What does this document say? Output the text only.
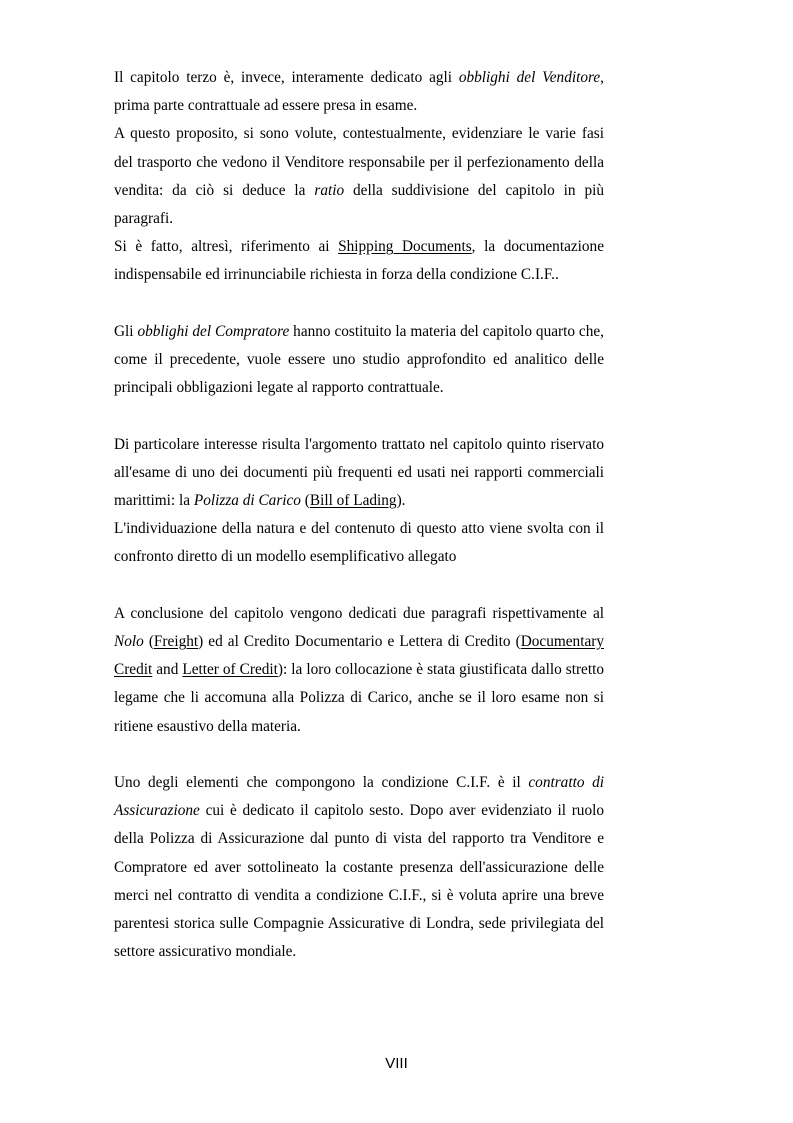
Il capitolo terzo è, invece, interamente dedicato agli obblighi del Venditore, prima parte contrattuale ad essere presa in esame.

A questo proposito, si sono volute, contestualmente, evidenziare le varie fasi del trasporto che vedono il Venditore responsabile per il perfezionamento della vendita: da ciò si deduce la ratio della suddivisione del capitolo in più paragrafi.

Si è fatto, altresì, riferimento ai Shipping Documents, la documentazione indispensabile ed irrinunciabile richiesta in forza della condizione C.I.F..

Gli obblighi del Compratore hanno costituito la materia del capitolo quarto che, come il precedente, vuole essere uno studio approfondito ed analitico delle principali obbligazioni legate al rapporto contrattuale.

Di particolare interesse risulta l'argomento trattato nel capitolo quinto riservato all'esame di uno dei documenti più frequenti ed usati nei rapporti commerciali marittimi: la Polizza di Carico (Bill of Lading).

L'individuazione della natura e del contenuto di questo atto viene svolta con il confronto diretto di un modello esemplificativo allegato

A conclusione del capitolo vengono dedicati due paragrafi rispettivamente al Nolo (Freight) ed al Credito Documentario e Lettera di Credito (Documentary Credit and Letter of Credit): la loro collocazione è stata giustificata dallo stretto legame che li accomuna alla Polizza di Carico, anche se il loro esame non si ritiene esaustivo della materia.

Uno degli elementi che compongono la condizione C.I.F. è il contratto di Assicurazione cui è dedicato il capitolo sesto. Dopo aver evidenziato il ruolo della Polizza di Assicurazione dal punto di vista del rapporto tra Venditore e Compratore ed aver sottolineato la costante presenza dell'assicurazione delle merci nel contratto di vendita a condizione C.I.F., si è voluta aprire una breve parentesi storica sulle Compagnie Assicurative di Londra, sede privilegiata del settore assicurativo mondiale.

VIII
